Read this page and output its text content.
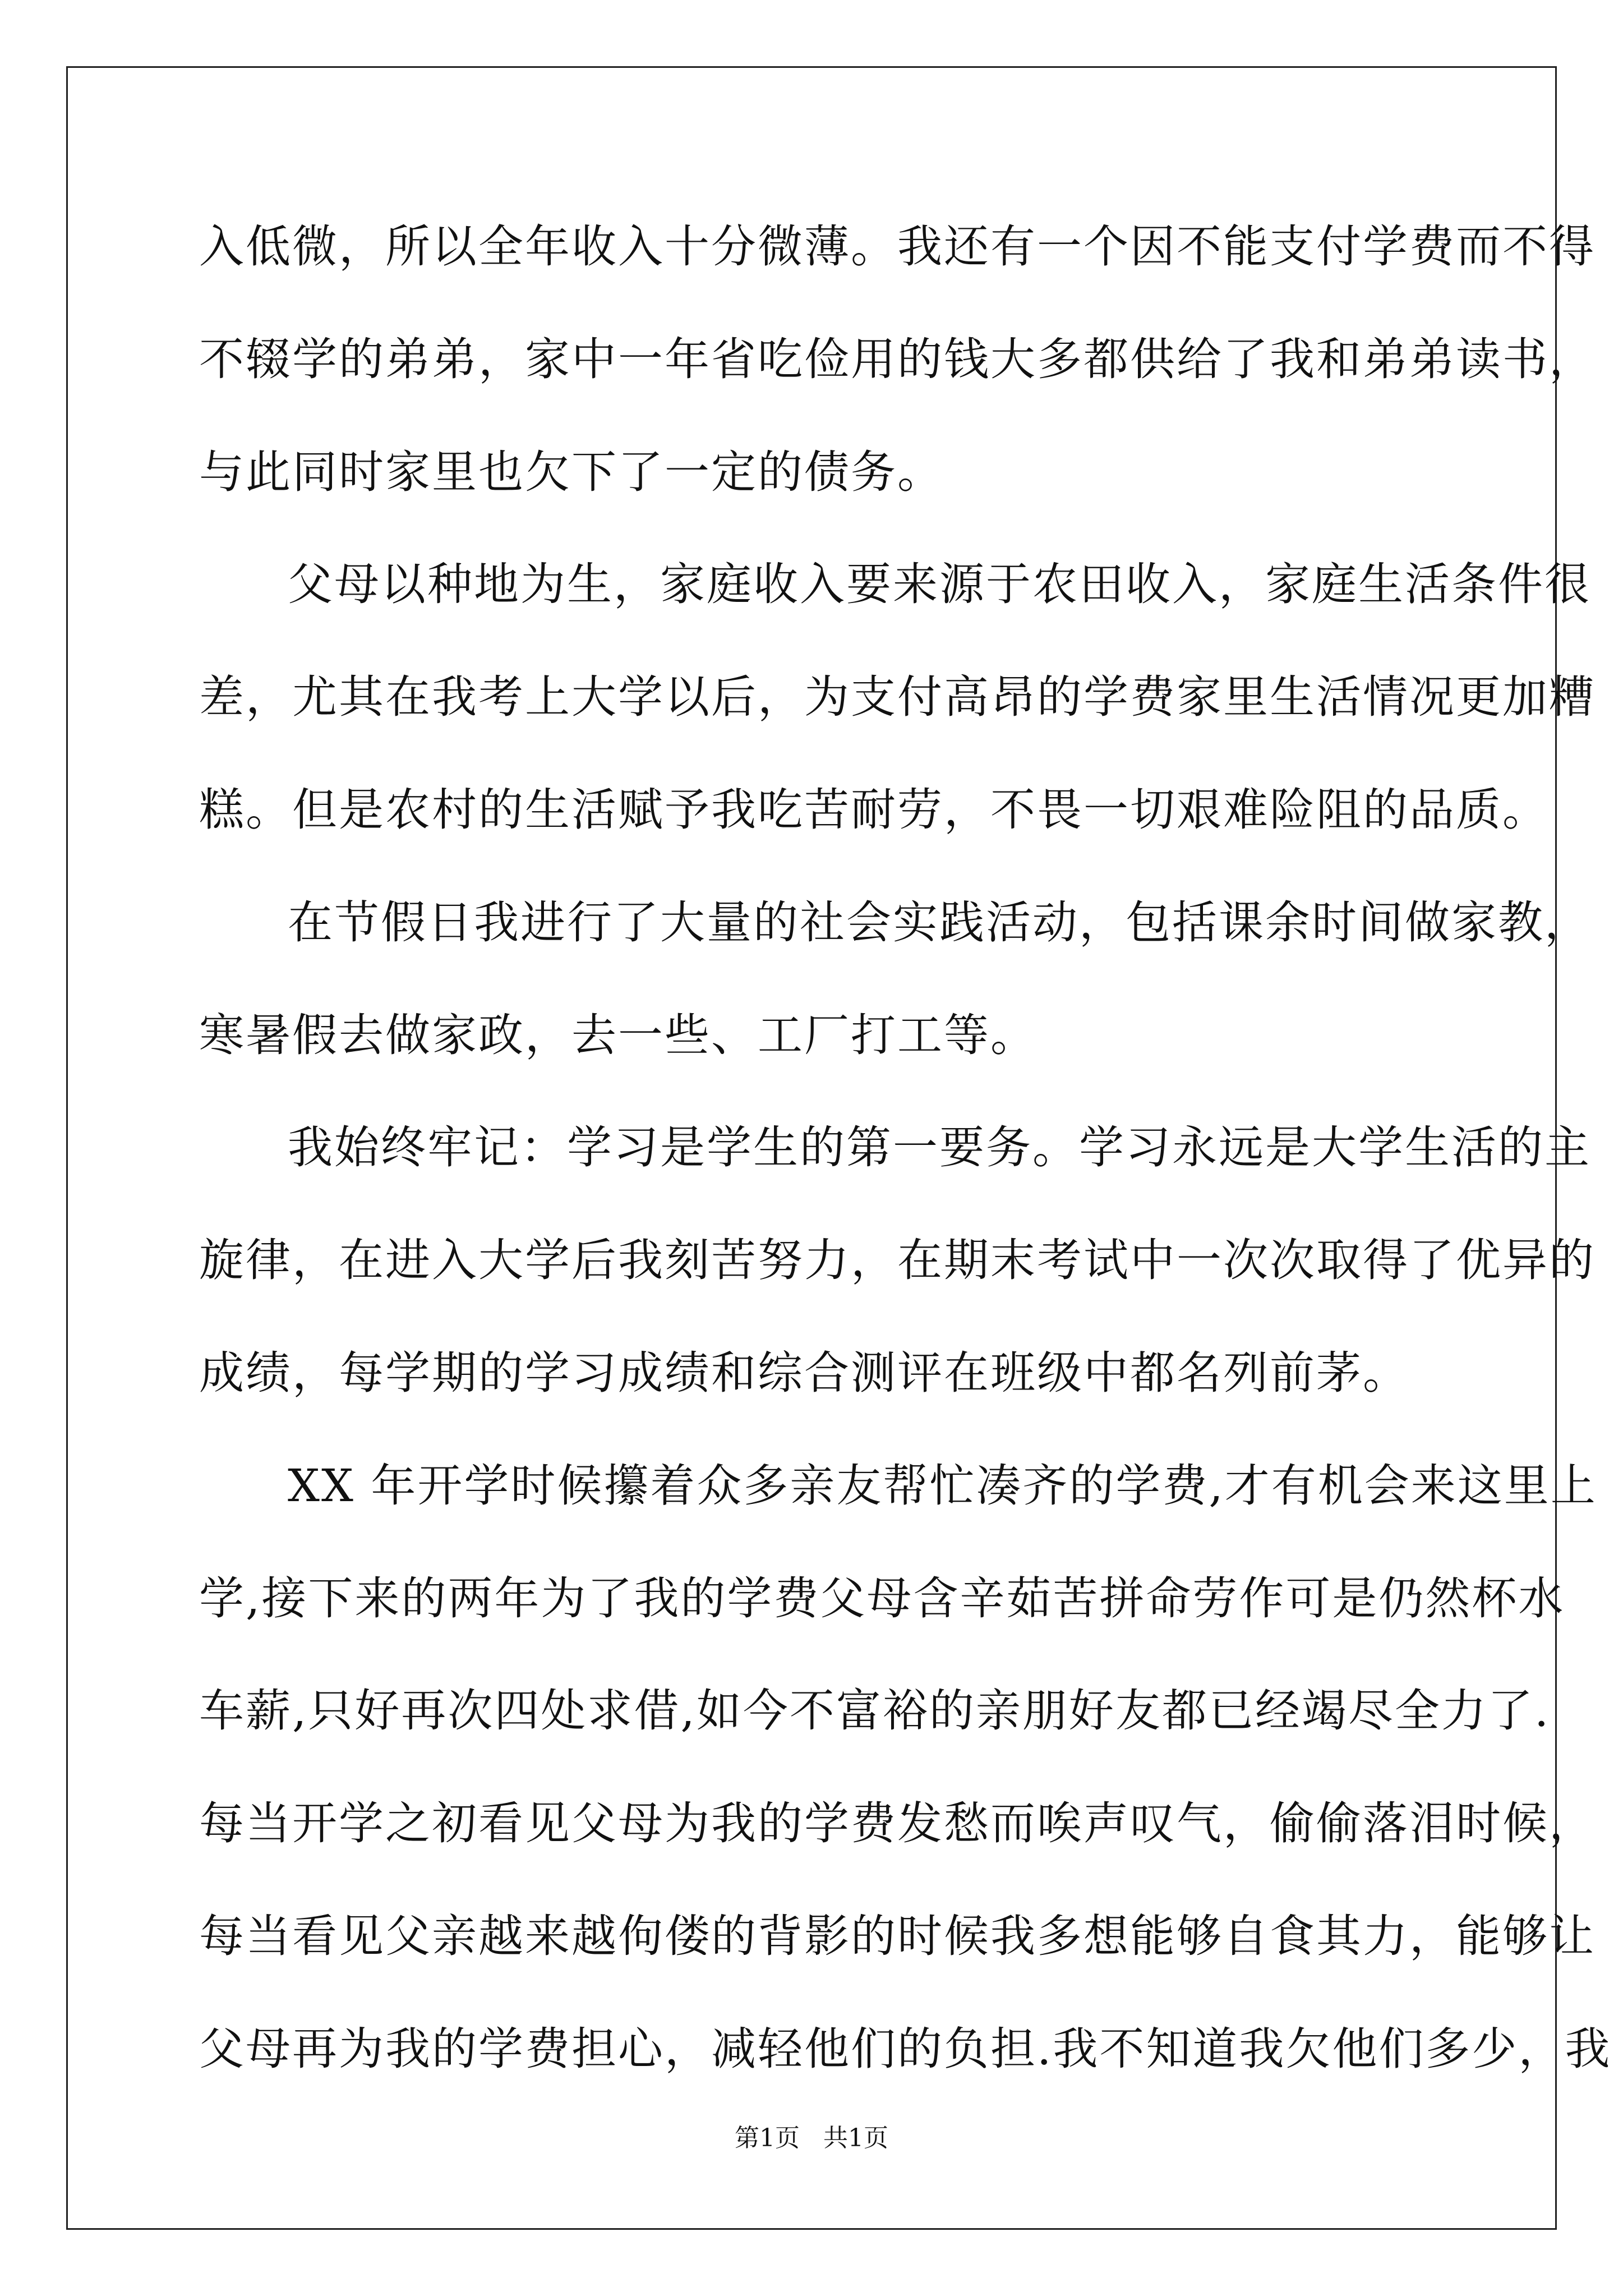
入低微，所以全年收入十分微薄。我还有一个因不能支付学费而不得
不辍学的弟弟，家中一年省吃俭用的钱大多都供给了我和弟弟读书，
与此同时家里也欠下了一定的债务。
父母以种地为生，家庭收入要来源于农田收入，家庭生活条件很
差，尤其在我考上大学以后，为支付高昂的学费家里生活情况更加糟
糕。但是农村的生活赋予我吃苦耐劳，不畏一切艰难险阻的品质。
在节假日我进行了大量的社会实践活动，包括课余时间做家教，
寒暑假去做家政，去一些、工厂打工等。
我始终牢记：学习是学生的第一要务。学习永远是大学生活的主
旋律，在进入大学后我刻苦努力，在期末考试中一次次取得了优异的
成绩，每学期的学习成绩和综合测评在班级中都名列前茅。
XX 年开学时候攥着众多亲友帮忙凑齐的学费,才有机会来这里上
学,接下来的两年为了我的学费父母含辛茹苦拼命劳作可是仍然杯水
车薪,只好再次四处求借,如今不富裕的亲朋好友都已经竭尽全力了.
每当开学之初看见父母为我的学费发愁而唉声叹气，偷偷落泪时候，
每当看见父亲越来越佝偻的背影的时候我多想能够自食其力，能够让
父母再为我的学费担心，减轻他们的负担.我不知道我欠他们多少，我
第1页   共1页
